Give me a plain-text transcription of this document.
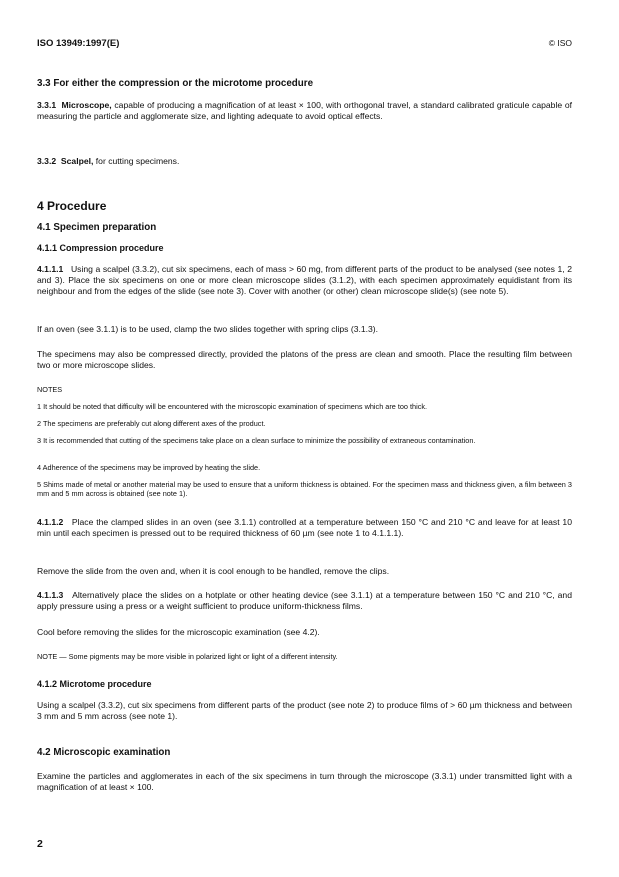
ISO 13949:1997(E)	© ISO
3.3 For either the compression or the microtome procedure

3.3.1 Microscope, capable of producing a magnification of at least × 100, with orthogonal travel, a standard calibrated graticule capable of measuring the particle and agglomerate size, and lighting adequate to avoid optical effects.

3.3.2 Scalpel, for cutting specimens.

4 Procedure
4.1 Specimen preparation
4.1.1 Compression procedure

4.1.1.1 Using a scalpel (3.3.2), cut six specimens, each of mass > 60 mg, from different parts of the product to be analysed (see notes 1, 2 and 3). Place the six specimens on one or more clean microscope slides (3.1.2), with each specimen approximately equidistant from its neighbour and from the edges of the slide (see note 3). Cover with another (or other) clean microscope slide(s) (see note 5).

If an oven (see 3.1.1) is to be used, clamp the two slides together with spring clips (3.1.3).

The specimens may also be compressed directly, provided the platons of the press are clean and smooth. Place the resulting film between two or more microscope slides.

NOTES

1 It should be noted that difficulty will be encountered with the microscopic examination of specimens which are too thick.

2 The specimens are preferably cut along different axes of the product.

3 It is recommended that cutting of the specimens take place on a clean surface to minimize the possibility of extraneous contamination.

4 Adherence of the specimens may be improved by heating the slide.

5 Shims made of metal or another material may be used to ensure that a uniform thickness is obtained. For the specimen mass and thickness given, a film between 3 mm and 5 mm across is obtained (see note 1).

4.1.1.2 Place the clamped slides in an oven (see 3.1.1) controlled at a temperature between 150 °C and 210 °C and leave for at least 10 min until each specimen is pressed out to be required thickness of 60 µm (see note 1 to 4.1.1.1).

Remove the slide from the oven and, when it is cool enough to be handled, remove the clips.

4.1.1.3 Alternatively place the slides on a hotplate or other heating device (see 3.1.1) at a temperature between 150 °C and 210 °C, and apply pressure using a press or a weight sufficient to produce uniform-thickness films.

Cool before removing the slides for the microscopic examination (see 4.2).

NOTE — Some pigments may be more visible in polarized light or light of a different intensity.

4.1.2 Microtome procedure

Using a scalpel (3.3.2), cut six specimens from different parts of the product (see note 2) to produce films of > 60 µm thickness and between 3 mm and 5 mm across (see note 1).

4.2 Microscopic examination

Examine the particles and agglomerates in each of the six specimens in turn through the microscope (3.3.1) under transmitted light with a magnification of at least × 100.

2
